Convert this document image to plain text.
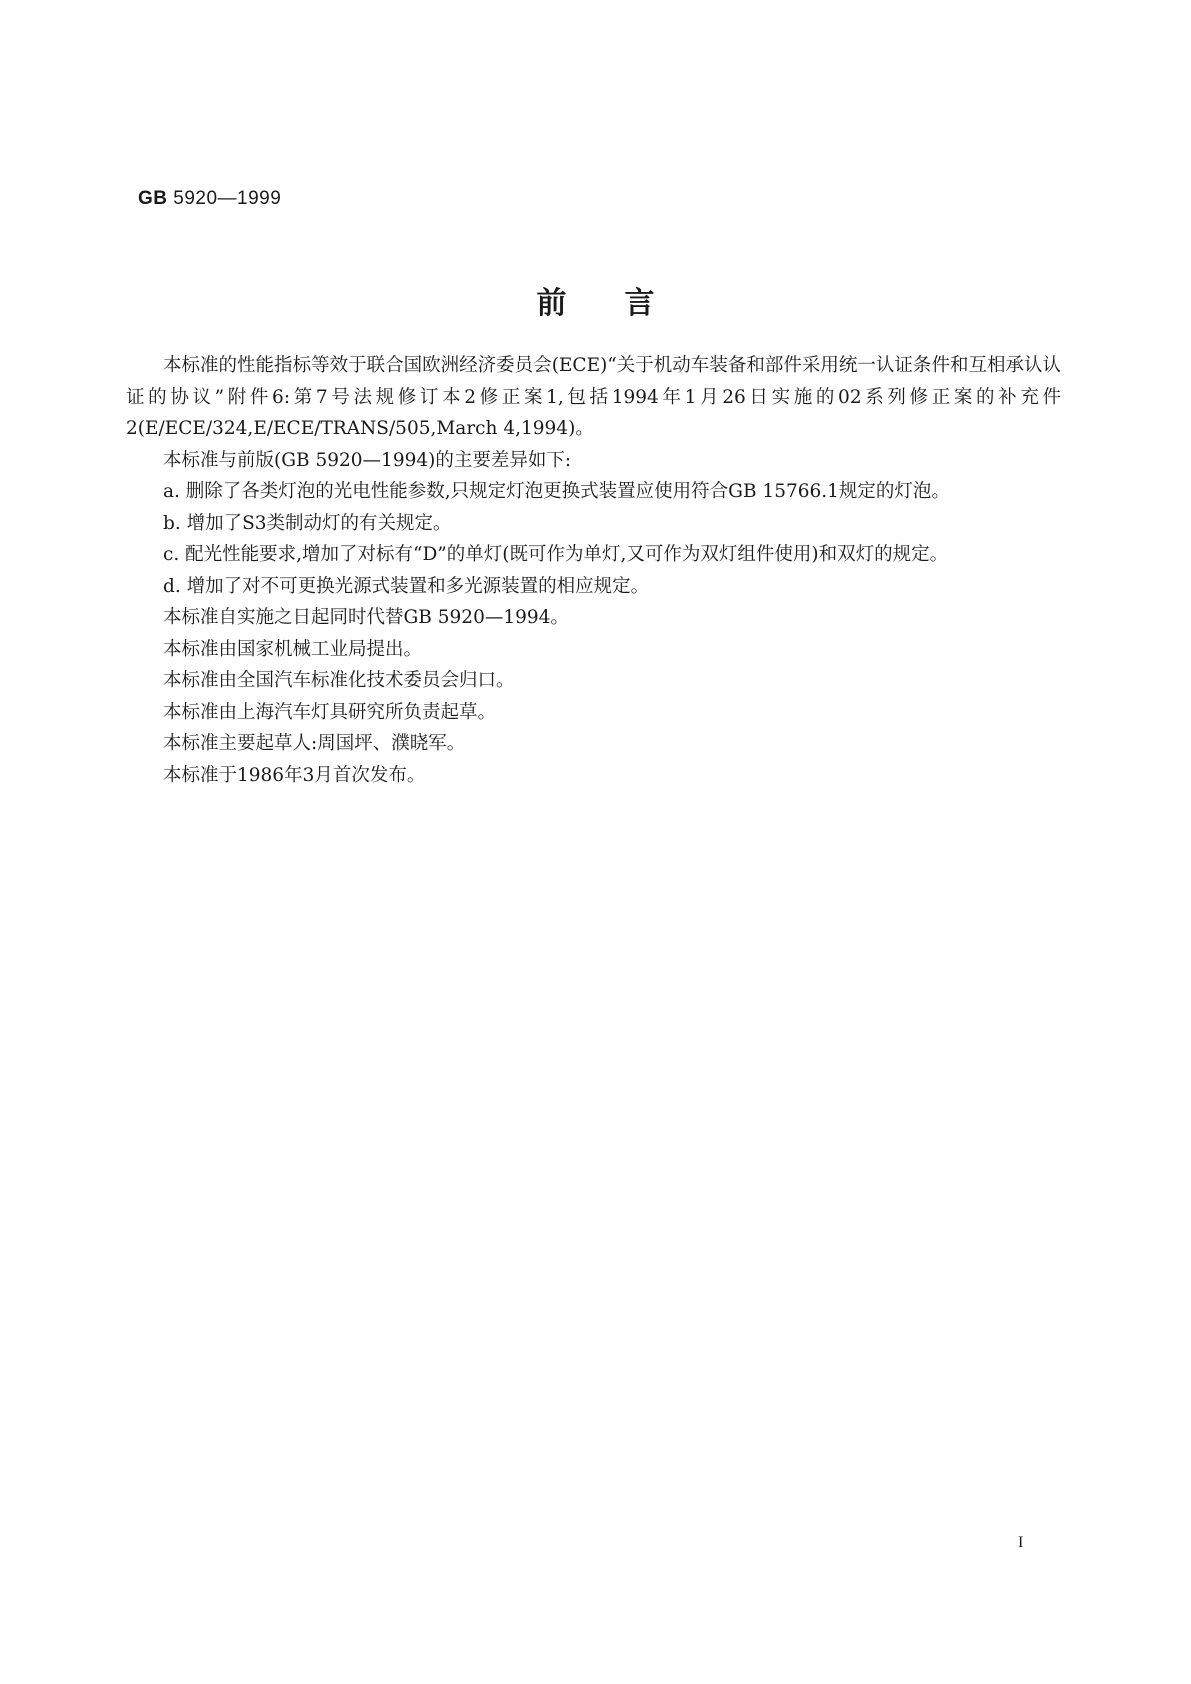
GB 5920—1999
前言

本标准的性能指标等效于联合国欧洲经济委员会(ECE)“关于机动车装备和部件采用统一认证条件和互相承认认证的协议”附件6:第7号法规修订本2修正案1,包括1994年1月26日实施的02系列修正案的补充件2(E/ECE/324,E/ECE/TRANS/505,March 4,1994)。

本标准与前版(GB 5920—1994)的主要差异如下:

a. 删除了各类灯泡的光电性能参数,只规定灯泡更换式装置应使用符合GB 15766.1规定的灯泡。

b. 增加了S3类制动灯的有关规定。

c. 配光性能要求,增加了对标有“D”的单灯(既可作为单灯,又可作为双灯组件使用)和双灯的规定。

d. 增加了对不可更换光源式装置和多光源装置的相应规定。

本标准自实施之日起同时代替GB 5920—1994。

本标准由国家机械工业局提出。

本标准由全国汽车标准化技术委员会归口。

本标准由上海汽车灯具研究所负责起草。

本标准主要起草人:周国坪、濮晓军。

本标准于1986年3月首次发布。

I
